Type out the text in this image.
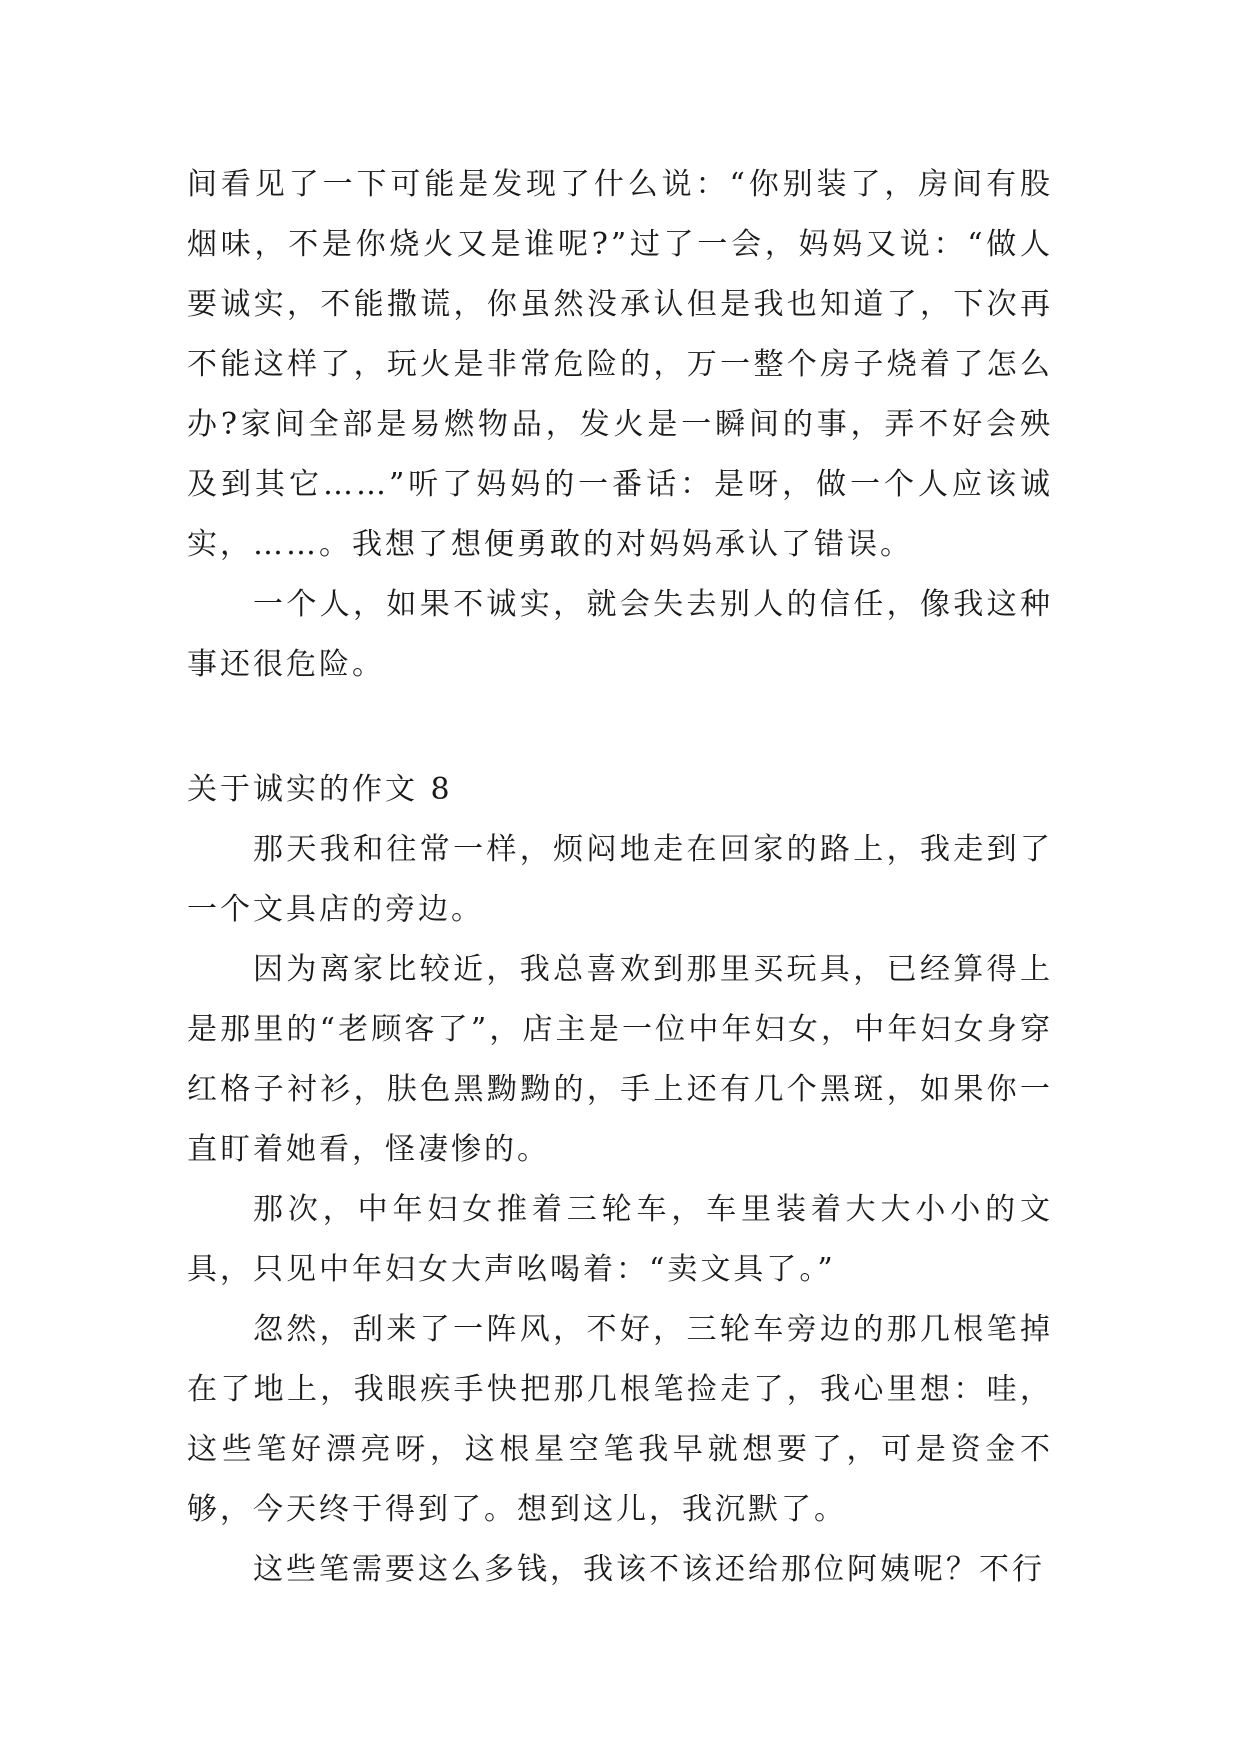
间看见了一下可能是发现了什么说：“你别装了，房间有股烟味，不是你烧火又是谁呢?”过了一会，妈妈又说：“做人要诚实，不能撒谎，你虽然没承认但是我也知道了，下次再不能这样了，玩火是非常危险的，万一整个房子烧着了怎么办?家间全部是易燃物品，发火是一瞬间的事，弄不好会殃及到其它……”听了妈妈的一番话：是呀，做一个人应该诚实，……。我想了想便勇敢的对妈妈承认了错误。

一个人，如果不诚实，就会失去别人的信任，像我这种事还很危险。

关于诚实的作文 8

那天我和往常一样，烦闷地走在回家的路上，我走到了一个文具店的旁边。

因为离家比较近，我总喜欢到那里买玩具，已经算得上是那里的“老顾客了”，店主是一位中年妇女，中年妇女身穿红格子衬衫，肤色黑黝黝的，手上还有几个黑斑，如果你一直盯着她看，怪凄惨的。

那次，中年妇女推着三轮车，车里装着大大小小的文具，只见中年妇女大声吆喝着：“卖文具了。”

忽然，刮来了一阵风，不好，三轮车旁边的那几根笔掉在了地上，我眼疾手快把那几根笔捡走了，我心里想：哇，这些笔好漂亮呀，这根星空笔我早就想要了，可是资金不够，今天终于得到了。想到这儿，我沉默了。

这些笔需要这么多钱，我该不该还给那位阿姨呢？不行
